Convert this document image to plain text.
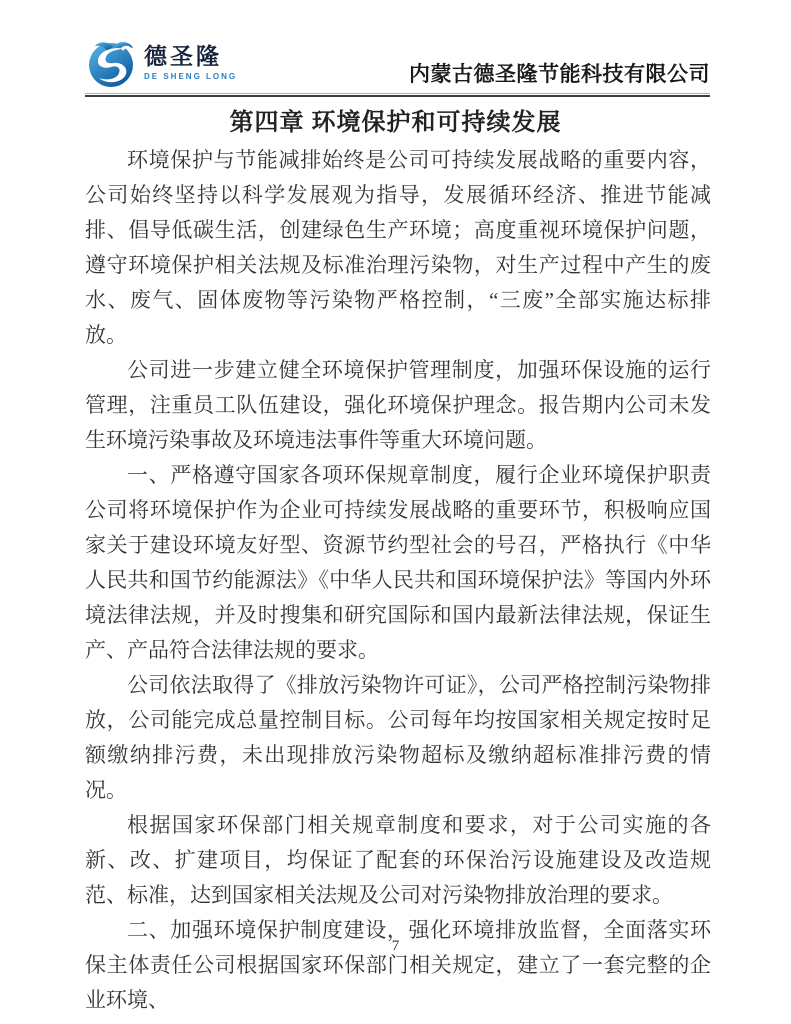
德圣隆
DE SHENG LONG	内蒙古德圣隆节能科技有限公司
第四章 环境保护和可持续发展

环境保护与节能减排始终是公司可持续发展战略的重要内容，公司始终坚持以科学发展观为指导，发展循环经济、推进节能减排、倡导低碳生活，创建绿色生产环境；高度重视环境保护问题，遵守环境保护相关法规及标准治理污染物，对生产过程中产生的废水、废气、固体废物等污染物严格控制，“三废”全部实施达标排放。

公司进一步建立健全环境保护管理制度，加强环保设施的运行管理，注重员工队伍建设，强化环境保护理念。报告期内公司未发生环境污染事故及环境违法事件等重大环境问题。

一、严格遵守国家各项环保规章制度，履行企业环境保护职责公司将环境保护作为企业可持续发展战略的重要环节，积极响应国家关于建设环境友好型、资源节约型社会的号召，严格执行《中华人民共和国节约能源法》《中华人民共和国环境保护法》等国内外环境法律法规，并及时搜集和研究国际和国内最新法律法规，保证生产、产品符合法律法规的要求。

公司依法取得了《排放污染物许可证》，公司严格控制污染物排放，公司能完成总量控制目标。公司每年均按国家相关规定按时足额缴纳排污费，未出现排放污染物超标及缴纳超标准排污费的情况。

根据国家环保部门相关规章制度和要求，对于公司实施的各新、改、扩建项目，均保证了配套的环保治污设施建设及改造规范、标准，达到国家相关法规及公司对污染物排放治理的要求。

二、加强环境保护制度建设，强化环境排放监督，全面落实环保主体责任公司根据国家环保部门相关规定，建立了一套完整的企业环境、

7
